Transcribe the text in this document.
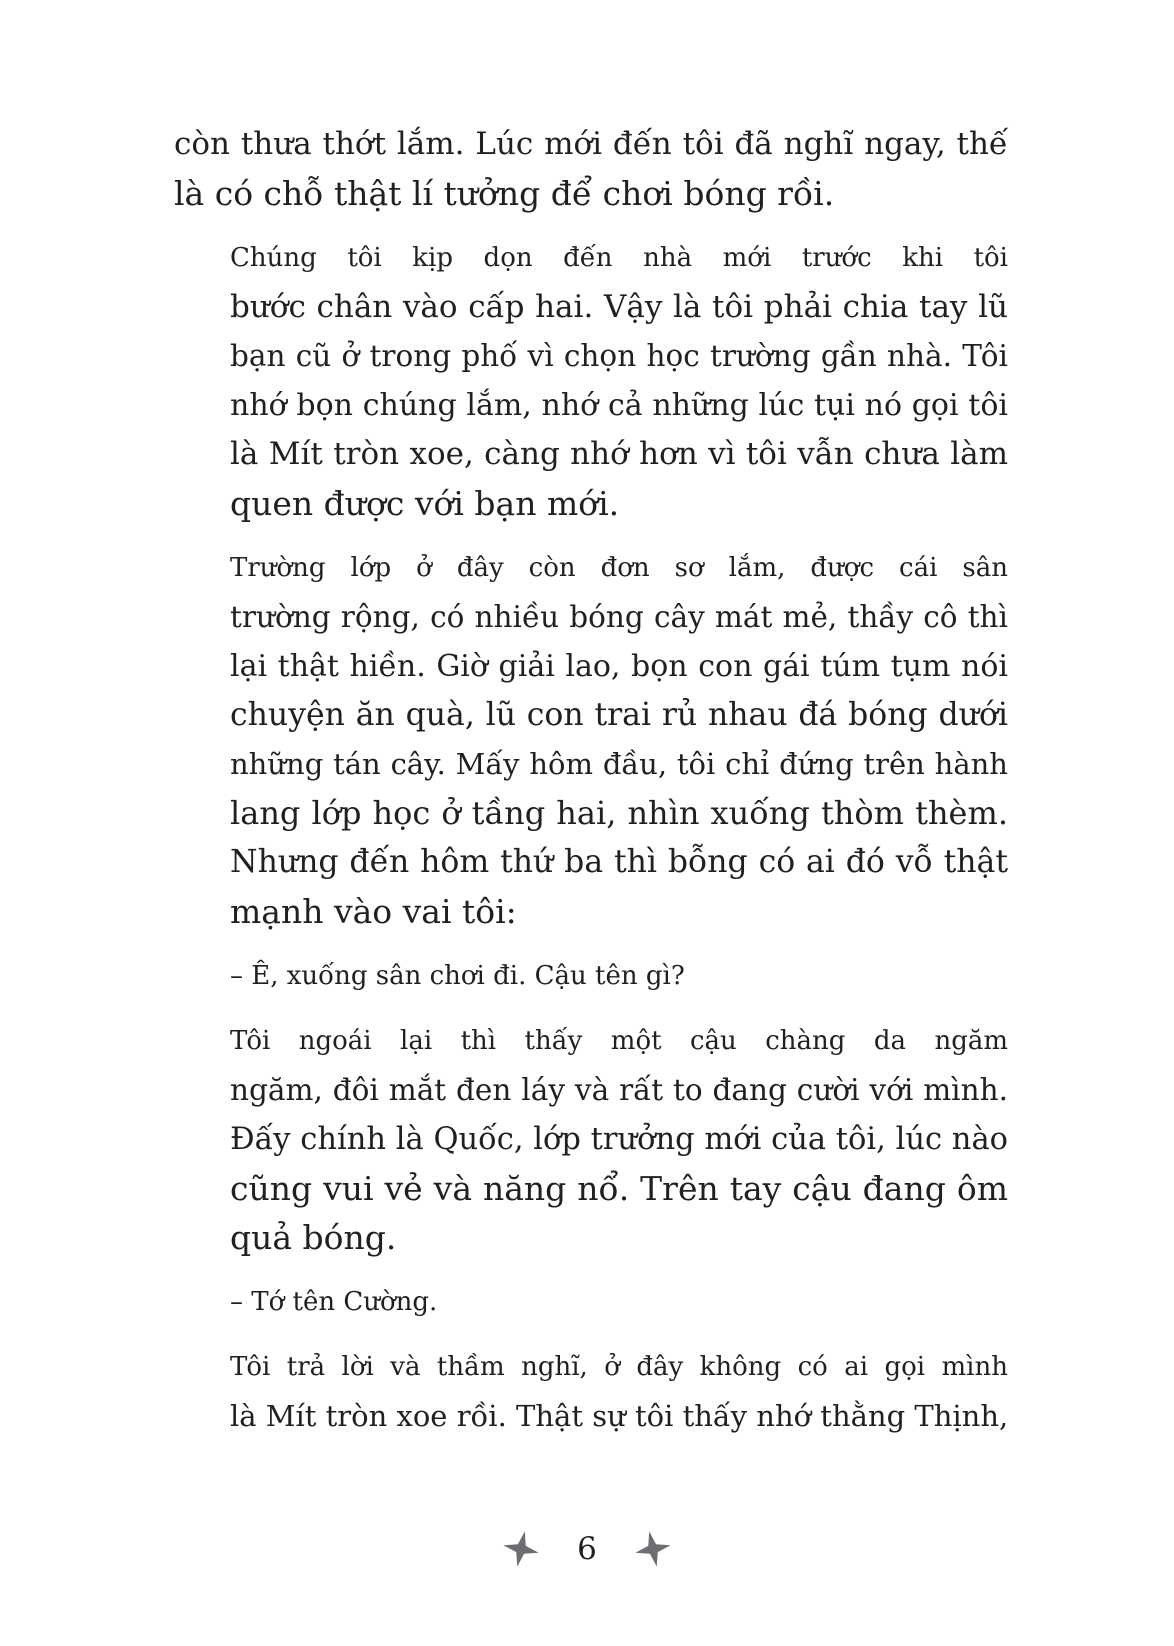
còn thưa thớt lắm. Lúc mới đến tôi đã nghĩ ngay, thế
là có chỗ thật lí tưởng để chơi bóng rồi.

Chúng tôi kịp dọn đến nhà mới trước khi tôi
bước chân vào cấp hai. Vậy là tôi phải chia tay lũ
bạn cũ ở trong phố vì chọn học trường gần nhà. Tôi
nhớ bọn chúng lắm, nhớ cả những lúc tụi nó gọi tôi
là Mít tròn xoe, càng nhớ hơn vì tôi vẫn chưa làm
quen được với bạn mới.

Trường lớp ở đây còn đơn sơ lắm, được cái sân
trường rộng, có nhiều bóng cây mát mẻ, thầy cô thì
lại thật hiền. Giờ giải lao, bọn con gái túm tụm nói
chuyện ăn quà, lũ con trai rủ nhau đá bóng dưới
những tán cây. Mấy hôm đầu, tôi chỉ đứng trên hành
lang lớp học ở tầng hai, nhìn xuống thòm thèm.
Nhưng đến hôm thứ ba thì bỗng có ai đó vỗ thật
mạnh vào vai tôi:

– Ê, xuống sân chơi đi. Cậu tên gì?

Tôi ngoái lại thì thấy một cậu chàng da ngăm
ngăm, đôi mắt đen láy và rất to đang cười với mình.
Đấy chính là Quốc, lớp trưởng mới của tôi, lúc nào
cũng vui vẻ và năng nổ. Trên tay cậu đang ôm
quả bóng.

– Tớ tên Cường.

Tôi trả lời và thầm nghĩ, ở đây không có ai gọi mình
là Mít tròn xoe rồi. Thật sự tôi thấy nhớ thằng Thịnh,

6
